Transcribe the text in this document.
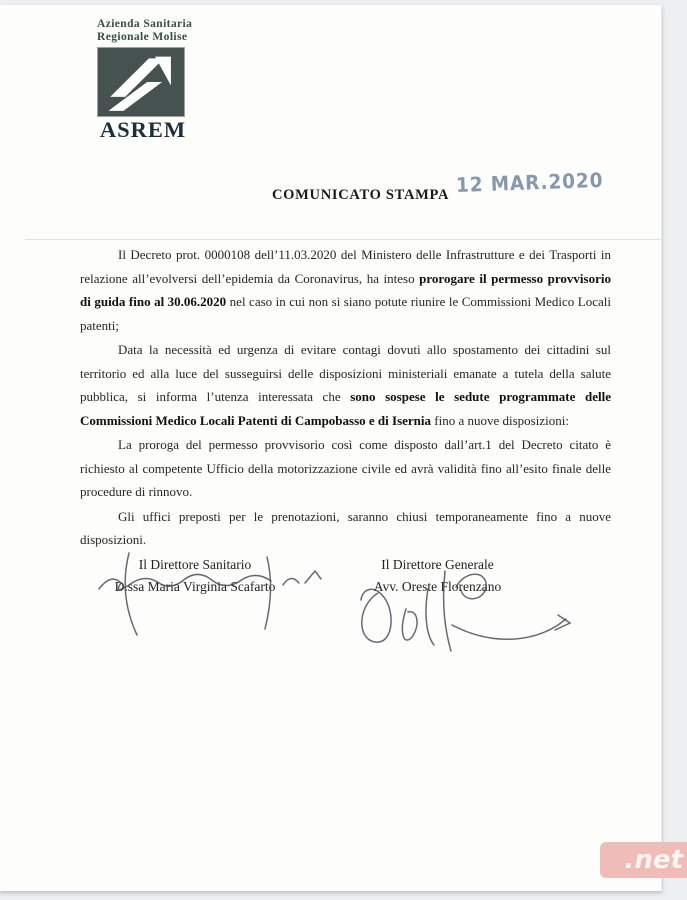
Azienda Sanitaria
Regionale Molise
ASREM
COMUNICATO STAMPA 12 MAR.2020

Il Decreto prot. 0000108 dell’11.03.2020 del Ministero delle Infrastrutture e dei Trasporti in relazione all’evolversi dell’epidemia da Coronavirus, ha inteso prorogare il permesso provvisorio di guida fino al 30.06.2020 nel caso in cui non si siano potute riunire le Commissioni Medico Locali patenti;

Data la necessità ed urgenza di evitare contagi dovuti allo spostamento dei cittadini sul territorio ed alla luce del susseguirsi delle disposizioni ministeriali emanate a tutela della salute pubblica, si informa l’utenza interessata che sono sospese le sedute programmate delle Commissioni Medico Locali Patenti di Campobasso e di Isernia fino a nuove disposizioni:

La proroga del permesso provvisorio così come disposto dall’art.1 del Decreto citato è richiesto al competente Ufficio della motorizzazione civile ed avrà validità fino all’esito finale delle procedure di rinnovo.

Gli uffici preposti per le prenotazioni, saranno chiusi temporaneamente fino a nuove disposizioni.

Il Direttore Sanitario
D.ssa Maria Virginia Scafarto
Il Direttore Generale
Avv. Oreste Florenzano
.net
